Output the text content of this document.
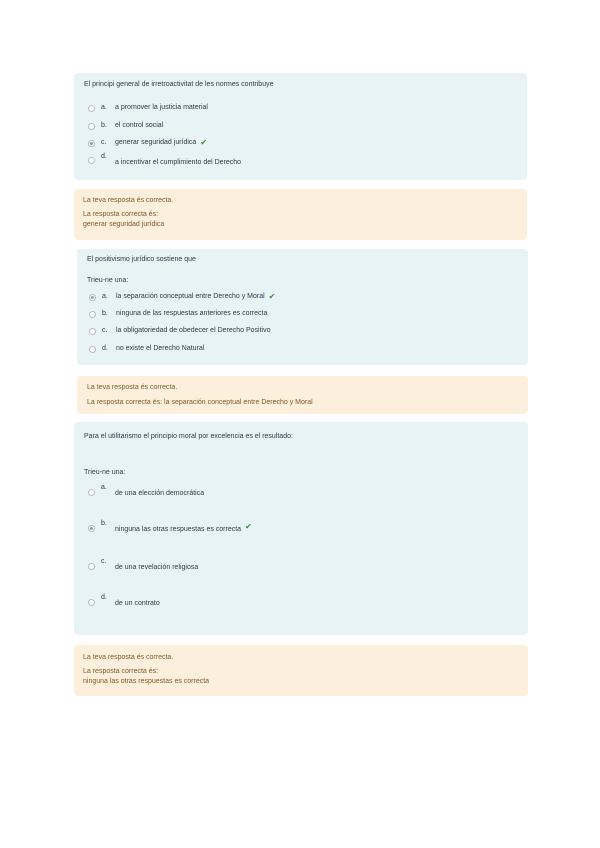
El principi general de irretroactivitat de les normes contribuye
a.	a promover la justicia material
b.	el control social
c.	generar seguridad jurídica ✔
d.
a incentivar el cumplimiento del Derecho
La teva resposta és correcta.
La resposta correcta és:
generar seguridad jurídica
El positivismo jurídico sostiene que
Trieu-ne una:
a.	la separación conceptual entre Derecho y Moral ✔
b.	ninguna de las respuestas anteriores es correcta
c.	la obligatoriedad de obedecer el Derecho Positivo
d.	no existe el Derecho Natural
La teva resposta és correcta.
La resposta correcta és: la separación conceptual entre Derecho y Moral
Para el utilitarismo el principio moral por excelencia es el resultado:
Trieu-ne una:
a.
de una elección democrática
b.
ninguna las otras respuestas es correcta ✔
c.
de una revelación religiosa
d.
de un contrato
La teva resposta és correcta.
La resposta correcta és:
ninguna las otras respuestas es correcta
